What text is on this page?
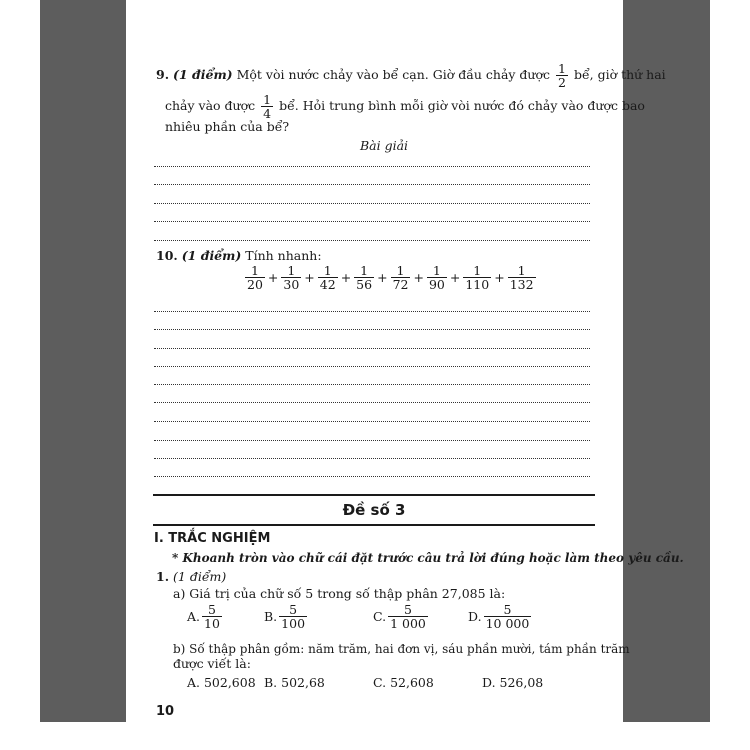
9. (1 điểm) Một vòi nước chảy vào bể cạn. Giờ đầu chảy được $\frac{1}{2}$ bể, giờ thứ hai
chảy vào được $\frac{1}{4}$ bể. Hỏi trung bình mỗi giờ vòi nước đó chảy vào được bao
nhiêu phần của bể?
Bài giải
10. (1 điểm) Tính nhanh:
$\frac{1}{20} + \frac{1}{30} + \frac{1}{42} + \frac{1}{56} + \frac{1}{72} + \frac{1}{90} + \frac{1}{110} + \frac{1}{132}$
Đề số 3
I. TRẮC NGHIỆM
* Khoanh tròn vào chữ cái đặt trước câu trả lời đúng hoặc làm theo yêu cầu.
1. (1 điểm)
a) Giá trị của chữ số 5 trong số thập phân 27,085 là:
A. $\frac{5}{10}$	B. $\frac{5}{100}$	C. $\frac{5}{1 000}$	D. $\frac{5}{10 000}$
b) Số thập phân gồm: năm trăm, hai đơn vị, sáu phần mười, tám phần trăm
được viết là:
A. 502,608 B. 502,68	C. 52,608	D. 526,08
10
